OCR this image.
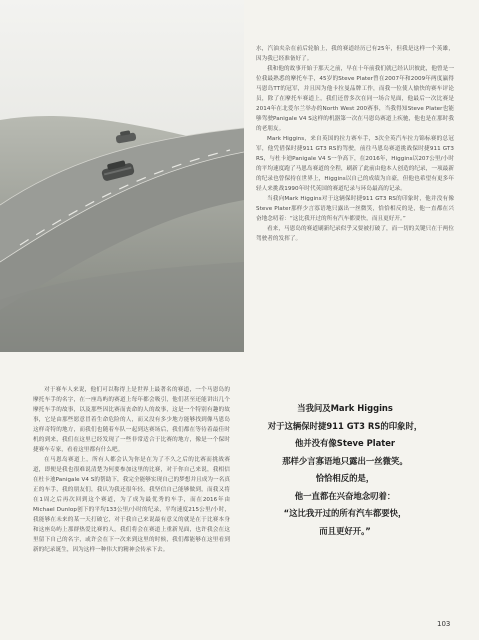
水，汽油夹杂在前后轮胎上，我的赛道经历已有25年，但我是这样一个英雄，因为我已经准备好了。

我和他的故事开始于那天之前，早在十年前我们就已经认识彼此，他曾是一位我最熟悉的摩托车手，45岁的Steve Plater曾在2007年和2009年两度赢得马恩岛TT的冠军，并且因为他卡拉曼品牌工作，而我一位使人愉快的赛车评论员，除了在摩托车赛道上，我们还曾多次在同一场合见面，他最后一次比赛是2014年在北爱尔兰举办的North West 200赛事，当我得知Steve Plater也能够驾驶Panigale V4 S这样的机器第一次在马恩岛赛道上疾驰，他也是在那时我的老朋友。

Mark Higgins，来自英国的拉力赛车手，3次全英汽车拉力锦标赛的总冠军，他凭借保时捷911 GT3 RS的驾驶，前往马恩岛赛道挑战保时捷911 GT3 RS，与杜卡迪Panigale V4 S一争高下，在2016年，Higgins以207公里/小时的平均速度跑了马恩岛赛道的全程，刷新了此前由他本人创造的纪录，一项最新的纪录也曾保持在世界上，Higgins以自己的成绩为自豪，但他也希望有更多年轻人来挑战1990年时代英国的赛道纪录与环岛最高的记录。

当我向Mark Higgins对于这辆保时捷911 GT3 RS的印象时，他并没有像Steve Plater那样少言寡语地只露出一丝微笑，恰恰相反的是，他一直都在兴奋地念叨着：“这比我开过的所有汽车都要快，而且更好开。”

看来，马恩岛的赛道刷新纪录似乎又要被打破了，而一切的关键只在于两位驾驶者的发挥了。

对于赛车人来说，他们可以称得上是世界上最著名的赛道，一个马恩岛的摩托车手的名字，在一座岛屿的赛道上每年都会吸引，他们甚至还能讲出几个摩托车手的故事，以及那些因比赛而丧命的人的故事，这是一个特别有趣的故事，它是由那些愿意冒着生命危险的人，而又没有多少地方能够找到像马恩岛这样奇特的地方，而我们也随着车队一起到达赛场后，我们都在等待着最佳时机的到来，我们在这里已经发现了一些非常适合于比赛的地方，像是一个保时捷赛车专家，看看这里都有什么吧。

在马恩岛赛道上，所有人都会认为你是在为了不久之后的比赛而挑战赛道，即便是我也很难说清楚为何要参加这里的比赛，对于你自己来说，我相信在杜卡迪Panigale V4 S的帮助下，我完全能够实现自己的梦想并且成为一名真正的车手，我的朋友们，我认为我还很年轻，我坚信自己能够做到，而我又将在1周之后再次回到这个赛道，为了成为最优秀的车手，而在2016年由Michael Dunlop创下的平均133公里/小时的纪录，平均速度215公里/小时，我能够在未来的某一天打破它，对于我自己来说最有意义的就是在于比赛本身和这座岛屿上那群热爱比赛的人，我们将会在赛道上重新见面，也许我会在这里留下自己的名字，或许会在下一次来到这里的时候，我们都能够在这里看到新的纪录诞生，因为这样一种伟大的精神会传承下去。

当我问及Mark Higgins
对于这辆保时捷911 GT3 RS的印象时，
他并没有像Steve Plater
那样少言寡语地只露出一丝微笑。
恰恰相反的是，
他一直都在兴奋地念叨着：
“这比我开过的所有汽车都要快，
而且更好开。”
103
